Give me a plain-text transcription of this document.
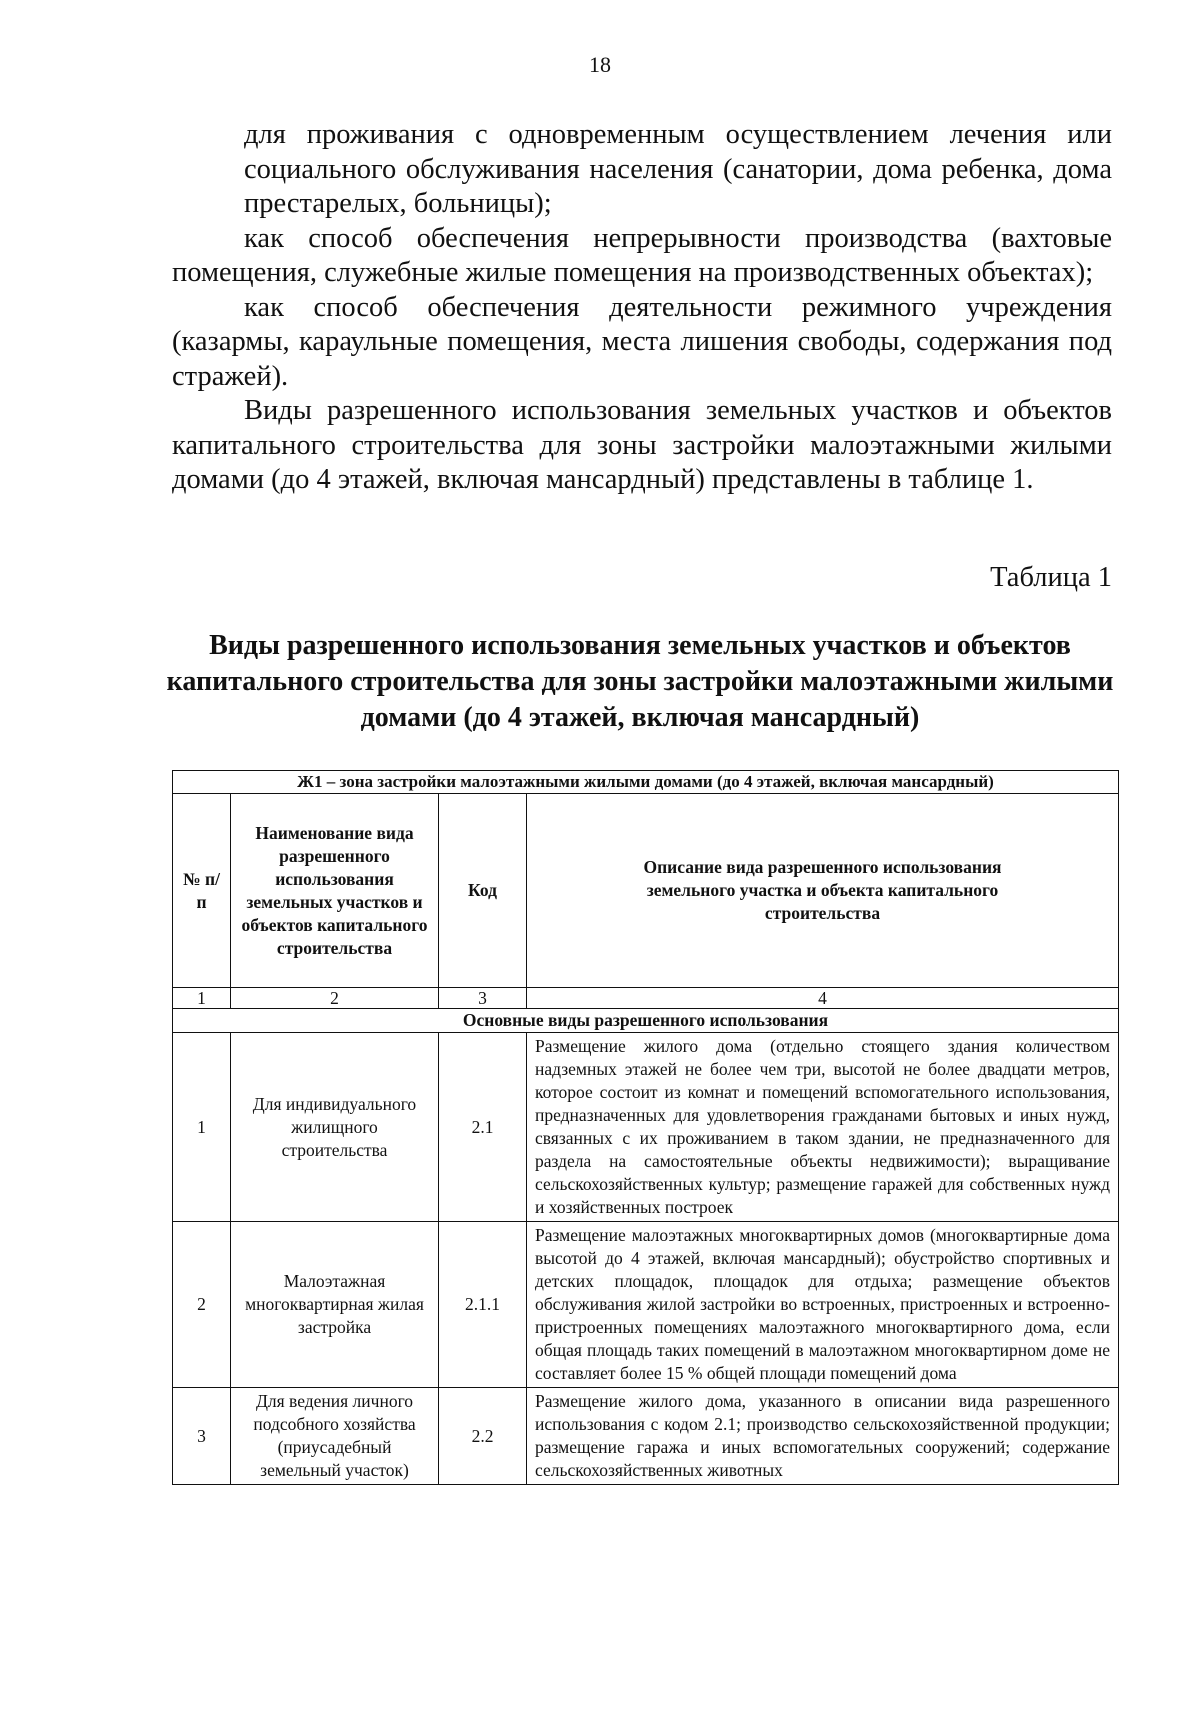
18

для проживания с одновременным осуществлением лечения или социального обслуживания населения (санатории, дома ребенка, дома престарелых, больницы);

как способ обеспечения непрерывности производства (вахтовые помещения, служебные жилые помещения на производственных объектах);

как способ обеспечения деятельности режимного учреждения (казармы, караульные помещения, места лишения свободы, содержания под стражей).

Виды разрешенного использования земельных участков и объектов капитального строительства для зоны застройки малоэтажными жилыми домами (до 4 этажей, включая мансардный) представлены в таблице 1.

Таблица 1
Виды разрешенного использования земельных участков и объектов капитального строительства для зоны застройки малоэтажными жилыми домами (до 4 этажей, включая мансардный)
Ж1 – зона застройки малоэтажными жилыми домами (до 4 этажей, включая мансардный)			
№ п/п	Наименование вида разрешенного использования земельных участков и объектов капитального строительства	Код	Описание вида разрешенного использования земельного участка и объекта капитального строительства
1	2	3	4
Основные виды разрешенного использования			
1	Для индивидуального жилищного строительства	2.1	Размещение жилого дома (отдельно стоящего здания количеством надземных этажей не более чем три, высотой не более двадцати метров, которое состоит из комнат и помещений вспомогательного использования, предназначенных для удовлетворения гражданами бытовых и иных нужд, связанных с их проживанием в таком здании, не предназначенного для раздела на самостоятельные объекты недвижимости); выращивание сельскохозяйственных культур; размещение гаражей для собственных нужд и хозяйственных построек
2	Малоэтажная многоквартирная жилая застройка	2.1.1	Размещение малоэтажных многоквартирных домов (многоквартирные дома высотой до 4 этажей, включая мансардный); обустройство спортивных и детских площадок, площадок для отдыха; размещение объектов обслуживания жилой застройки во встроенных, пристроенных и встроенно-пристроенных помещениях малоэтажного многоквартирного дома, если общая площадь таких помещений в малоэтажном многоквартирном доме не составляет более 15 % общей площади помещений дома
3	Для ведения личного подсобного хозяйства (приусадебный земельный участок)	2.2	Размещение жилого дома, указанного в описании вида разрешенного использования с кодом 2.1; производство сельскохозяйственной продукции; размещение гаража и иных вспомогательных сооружений; содержание сельскохозяйственных животных
